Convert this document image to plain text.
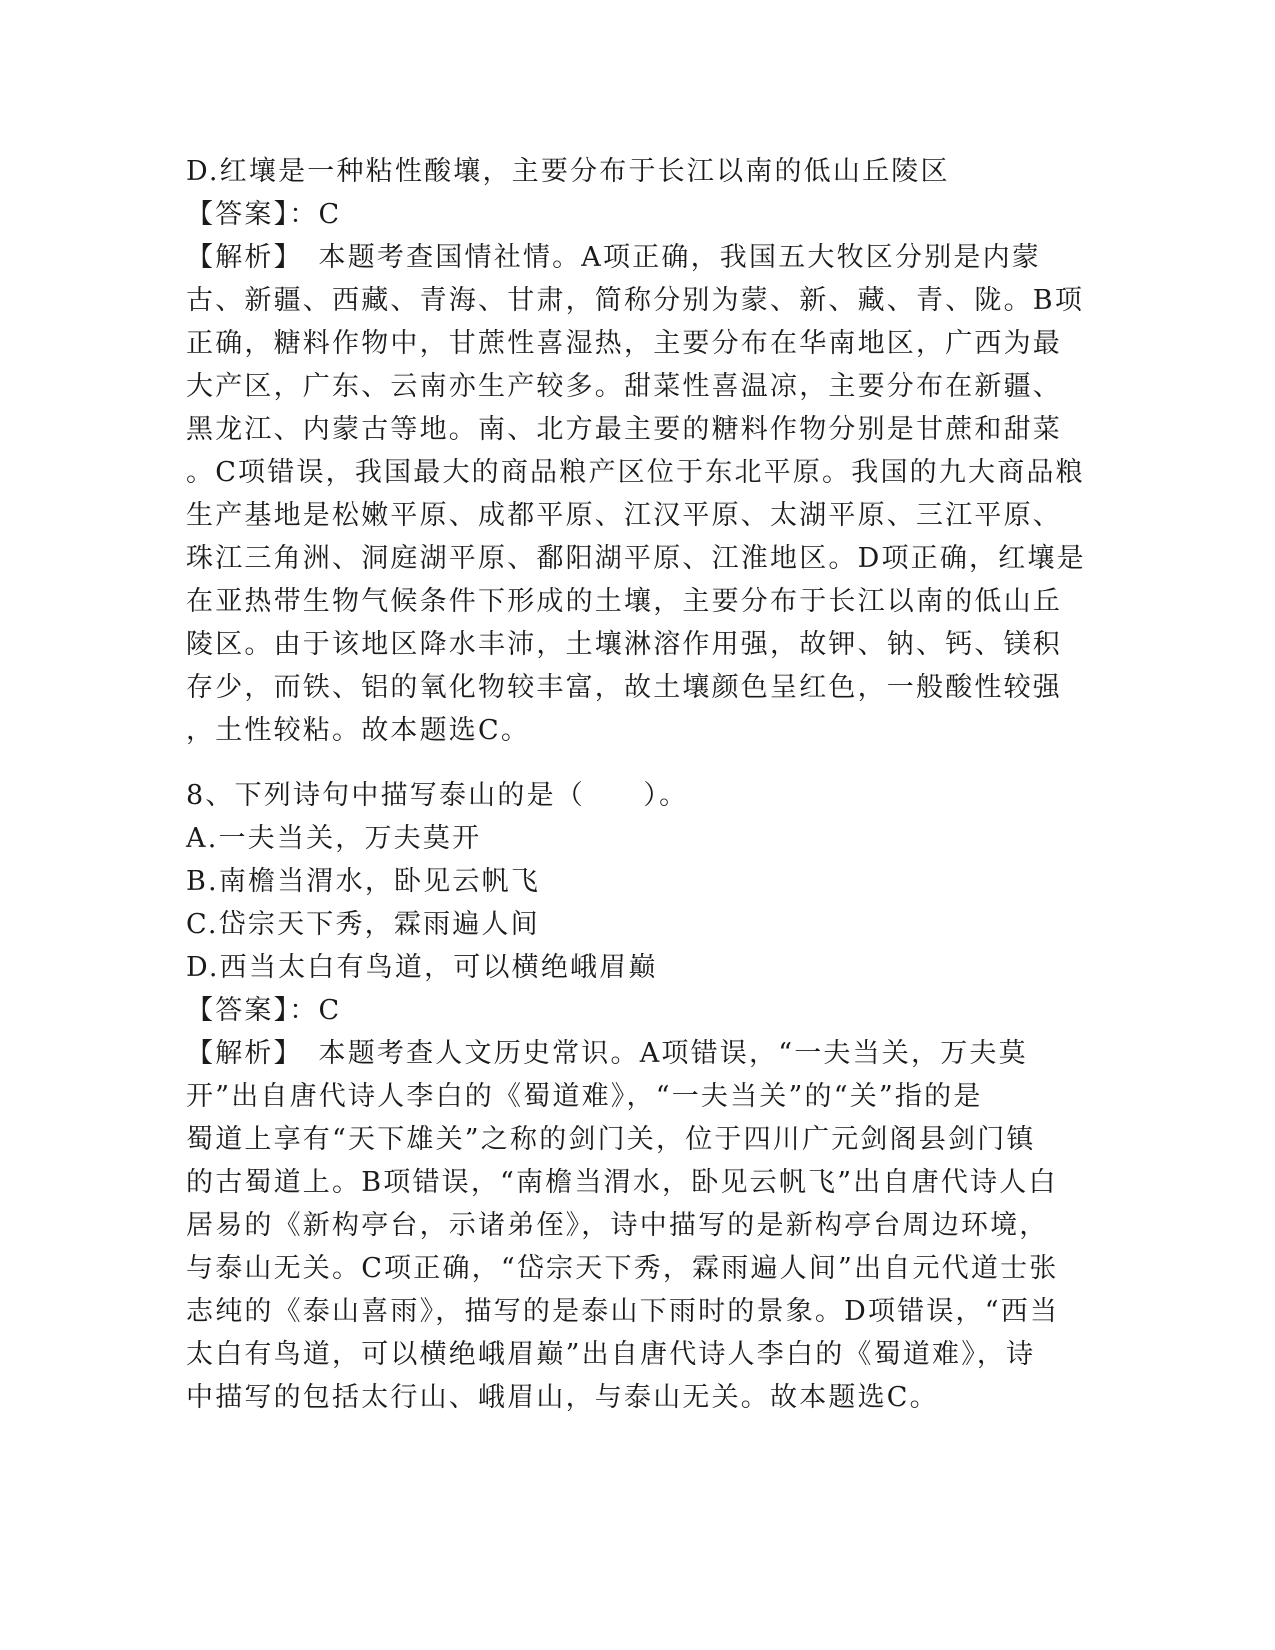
D.红壤是一种粘性酸壤，主要分布于长江以南的低山丘陵区
【答案】：C
【解析】　本题考查国情社情。A项正确，我国五大牧区分别是内蒙
古、新疆、西藏、青海、甘肃，简称分别为蒙、新、藏、青、陇。B项
正确，糖料作物中，甘蔗性喜湿热，主要分布在华南地区，广西为最
大产区，广东、云南亦生产较多。甜菜性喜温凉，主要分布在新疆、
黑龙江、内蒙古等地。南、北方最主要的糖料作物分别是甘蔗和甜菜
。C项错误，我国最大的商品粮产区位于东北平原。我国的九大商品粮
生产基地是松嫩平原、成都平原、江汉平原、太湖平原、三江平原、
珠江三角洲、洞庭湖平原、鄱阳湖平原、江淮地区。D项正确，红壤是
在亚热带生物气候条件下形成的土壤，主要分布于长江以南的低山丘
陵区。由于该地区降水丰沛，土壤淋溶作用强，故钾、钠、钙、镁积
存少，而铁、铝的氧化物较丰富，故土壤颜色呈红色，一般酸性较强
，土性较粘。故本题选C。
8、下列诗句中描写泰山的是（　　）。
A.一夫当关，万夫莫开
B.南檐当渭水，卧见云帆飞
C.岱宗天下秀，霖雨遍人间
D.西当太白有鸟道，可以横绝峨眉巅
【答案】：C
【解析】　本题考查人文历史常识。A项错误，“一夫当关，万夫莫
开”出自唐代诗人李白的《蜀道难》，“一夫当关”的“关”指的是
蜀道上享有“天下雄关”之称的剑门关，位于四川广元剑阁县剑门镇
的古蜀道上。B项错误，“南檐当渭水，卧见云帆飞”出自唐代诗人白
居易的《新构亭台，示诸弟侄》，诗中描写的是新构亭台周边环境，
与泰山无关。C项正确，“岱宗天下秀，霖雨遍人间”出自元代道士张
志纯的《泰山喜雨》，描写的是泰山下雨时的景象。D项错误，“西当
太白有鸟道，可以横绝峨眉巅”出自唐代诗人李白的《蜀道难》，诗
中描写的包括太行山、峨眉山，与泰山无关。故本题选C。
